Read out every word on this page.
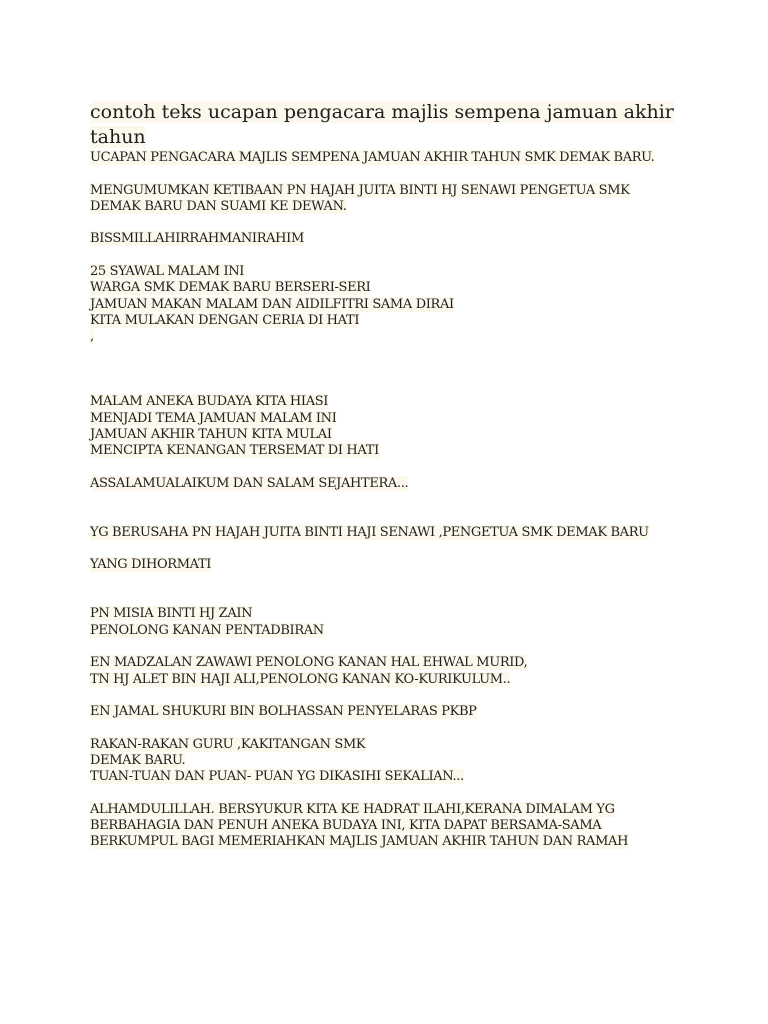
contoh teks ucapan pengacara majlis sempena jamuan akhir tahun
UCAPAN PENGACARA MAJLIS SEMPENA JAMUAN AKHIR TAHUN SMK DEMAK BARU.
MENGUMUMKAN KETIBAAN PN HAJAH JUITA BINTI HJ SENAWI PENGETUA SMK DEMAK BARU DAN SUAMI KE DEWAN.
BISSMILLAHIRRAHMANIRAHIM
25 SYAWAL MALAM INI
WARGA SMK DEMAK BARU BERSERI-SERI
JAMUAN MAKAN MALAM DAN AIDILFITRI SAMA DIRAI
KITA MULAKAN DENGAN CERIA DI HATI
,
MALAM ANEKA BUDAYA KITA HIASI
MENJADI TEMA JAMUAN MALAM INI
JAMUAN AKHIR TAHUN KITA MULAI
MENCIPTA KENANGAN TERSEMAT DI HATI
ASSALAMUALAIKUM DAN SALAM SEJAHTERA...
YG BERUSAHA PN HAJAH JUITA BINTI HAJI SENAWI ,PENGETUA SMK DEMAK BARU
YANG DIHORMATI
PN MISIA BINTI HJ ZAIN
PENOLONG KANAN PENTADBIRAN
EN MADZALAN ZAWAWI PENOLONG KANAN HAL EHWAL MURID,
TN HJ ALET BIN HAJI ALI,PENOLONG KANAN KO-KURIKULUM..
EN JAMAL SHUKURI BIN BOLHASSAN PENYELARAS PKBP
RAKAN-RAKAN GURU ,KAKITANGAN SMK
DEMAK BARU.
TUAN-TUAN DAN PUAN- PUAN YG DIKASIHI SEKALIAN...
ALHAMDULILLAH. BERSYUKUR KITA KE HADRAT ILAHI,KERANA DIMALAM YG BERBAHAGIA DAN PENUH ANEKA BUDAYA INI, KITA DAPAT BERSAMA-SAMA BERKUMPUL BAGI MEMERIAHKAN MAJLIS JAMUAN AKHIR TAHUN DAN RAMAH
